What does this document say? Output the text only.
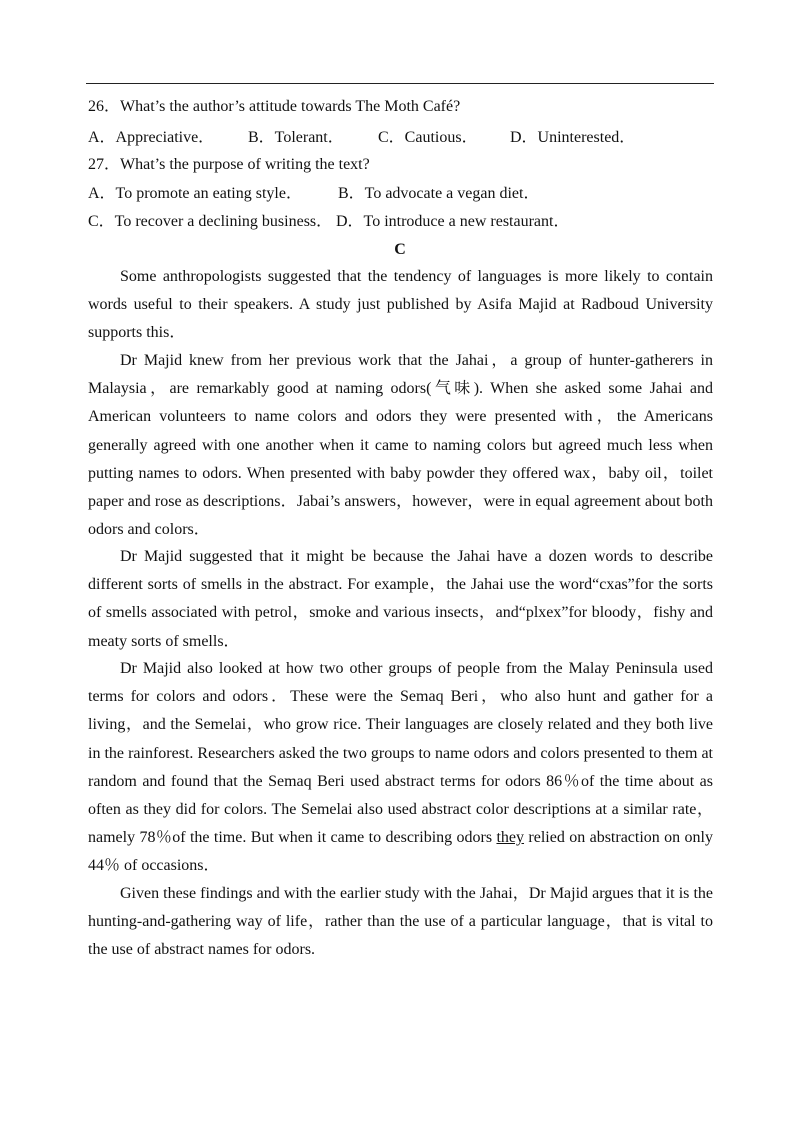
26．What’s the author’s attitude towards The Moth Café?
A．Appreciative． B．Tolerant． C．Cautious． D．Uninterested．
27．What’s the purpose of writing the text?
A．To promote an eating style． B．To advocate a vegan diet．
C．To recover a declining business． D．To introduce a new restaurant．
C

Some anthropologists suggested that the tendency of languages is more likely to contain words useful to their speakers. A study just published by Asifa Majid at Radboud University supports this．

Dr Majid knew from her previous work that the Jahai，a group of hunter-gatherers in Malaysia，are remarkably good at naming odors(气味). When she asked some Jahai and American volunteers to name colors and odors they were presented with，the Americans generally agreed with one another when it came to naming colors but agreed much less when putting names to odors. When presented with baby powder they offered wax，baby oil，toilet paper and rose as descriptions．Jabai’s answers，however，were in equal agreement about both odors and colors．

Dr Majid suggested that it might be because the Jahai have a dozen words to describe different sorts of smells in the abstract. For example，the Jahai use the word“cxas”for the sorts of smells associated with petrol，smoke and various insects，and“plxex”for bloody，fishy and meaty sorts of smells．

Dr Majid also looked at how two other groups of people from the Malay Peninsula used terms for colors and odors．These were the Semaq Beri，who also hunt and gather for a living，and the Semelai，who grow rice. Their languages are closely related and they both live in the rainforest. Researchers asked the two groups to name odors and colors presented to them at random and found that the Semaq Beri used abstract terms for odors 86％of the time about as often as they did for colors. The Semelai also used abstract color descriptions at a similar rate，namely 78％of the time. But when it came to describing odors they relied on abstraction on only 44％ of occasions．

Given these findings and with the earlier study with the Jahai，Dr Majid argues that it is the hunting-and-gathering way of life，rather than the use of a particular language，that is vital to the use of abstract names for odors.
